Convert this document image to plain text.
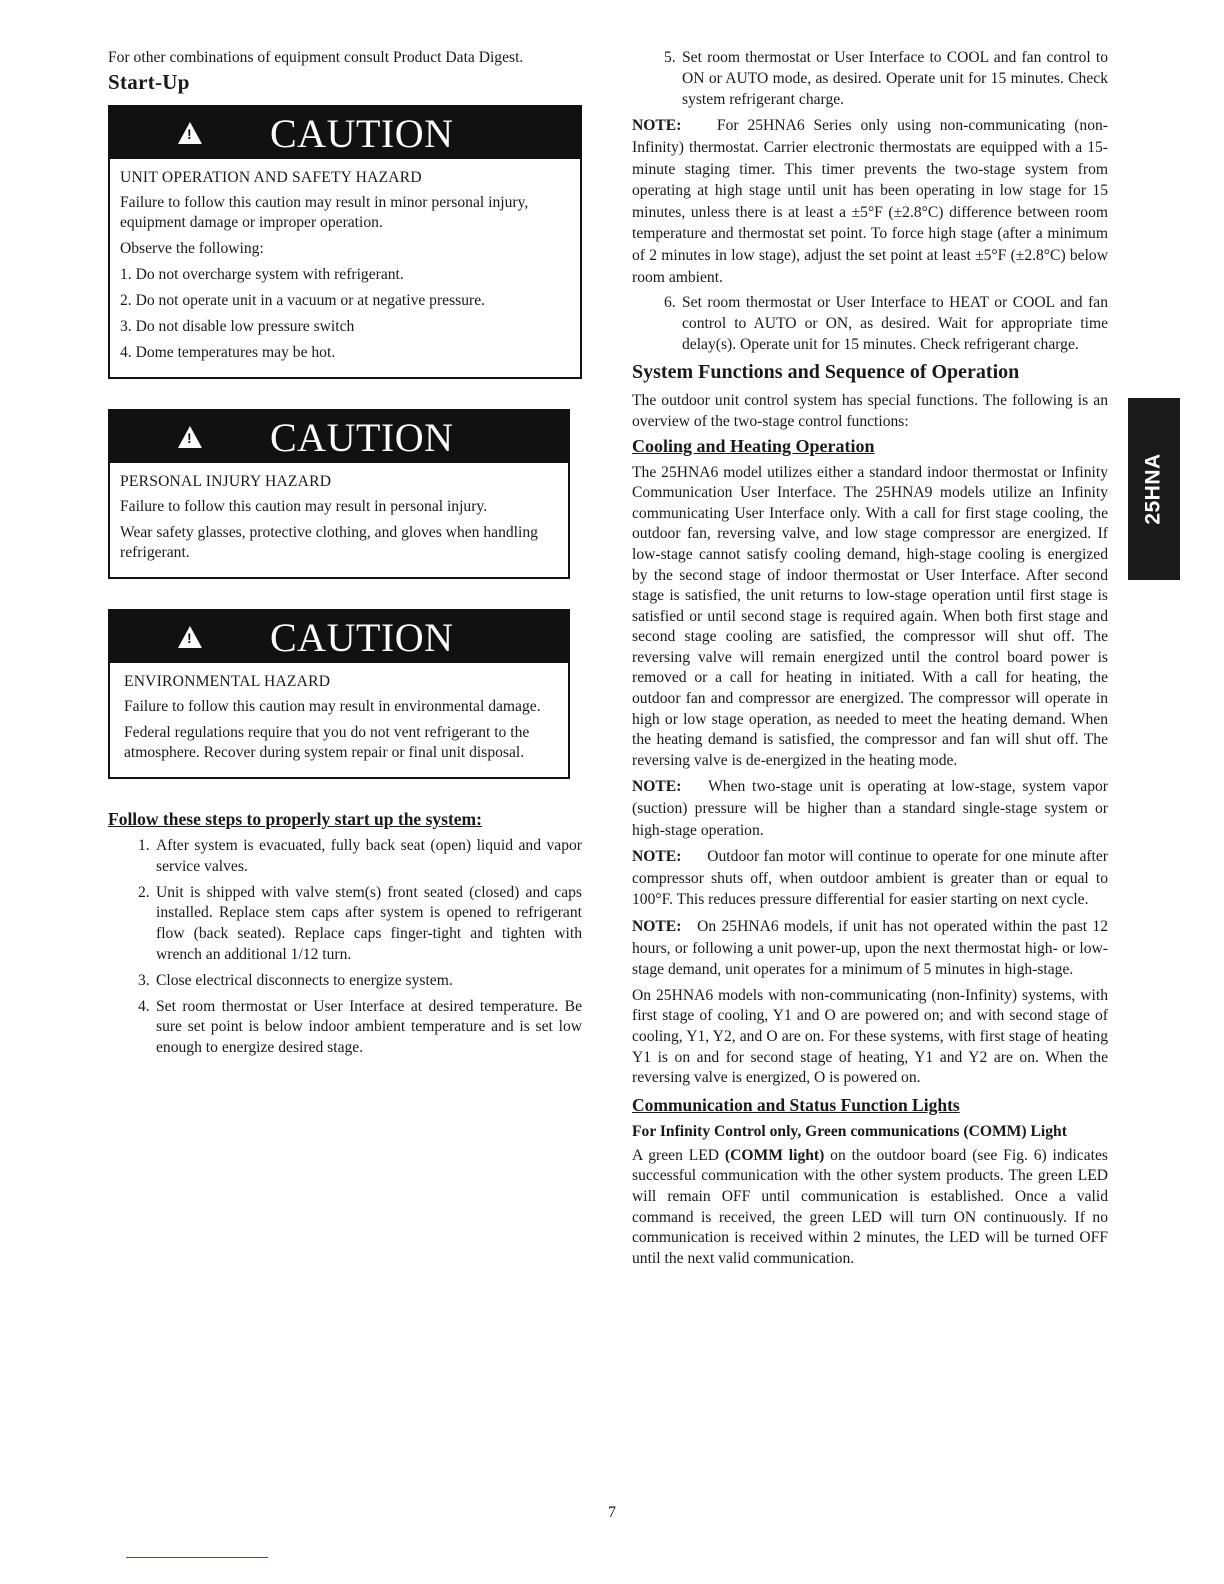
For other combinations of equipment consult Product Data Digest.

Start-Up
! CAUTION
UNIT OPERATION AND SAFETY HAZARD

Failure to follow this caution may result in minor personal injury, equipment damage or improper operation.

Observe the following:

1. Do not overcharge system with refrigerant.
2. Do not operate unit in a vacuum or at negative pressure.
3. Do not disable low pressure switch
4. Dome temperatures may be hot.
! CAUTION
PERSONAL INJURY HAZARD

Failure to follow this caution may result in personal injury.

Wear safety glasses, protective clothing, and gloves when handling refrigerant.

! CAUTION
ENVIRONMENTAL HAZARD

Failure to follow this caution may result in environmental damage.

Federal regulations require that you do not vent refrigerant to the atmosphere. Recover during system repair or final unit disposal.

Follow these steps to properly start up the system:
1. After system is evacuated, fully back seat (open) liquid and vapor service valves.
2. Unit is shipped with valve stem(s) front seated (closed) and caps installed. Replace stem caps after system is opened to refrigerant flow (back seated). Replace caps finger-tight and tighten with wrench an additional 1/12 turn.
3. Close electrical disconnects to energize system.
4. Set room thermostat or User Interface at desired temperature. Be sure set point is below indoor ambient temperature and is set low enough to energize desired stage.
5. Set room thermostat or User Interface to COOL and fan control to ON or AUTO mode, as desired. Operate unit for 15 minutes. Check system refrigerant charge.

NOTE: For 25HNA6 Series only using non-communicating (non-Infinity) thermostat. Carrier electronic thermostats are equipped with a 15-minute staging timer. This timer prevents the two-stage system from operating at high stage until unit has been operating in low stage for 15 minutes, unless there is at least a ±5°F (±2.8°C) difference between room temperature and thermostat set point. To force high stage (after a minimum of 2 minutes in low stage), adjust the set point at least ±5°F (±2.8°C) below room ambient.

6. Set room thermostat or User Interface to HEAT or COOL and fan control to AUTO or ON, as desired. Wait for appropriate time delay(s). Operate unit for 15 minutes. Check refrigerant charge.
System Functions and Sequence of Operation

The outdoor unit control system has special functions. The following is an overview of the two-stage control functions:

Cooling and Heating Operation

The 25HNA6 model utilizes either a standard indoor thermostat or Infinity Communication User Interface. The 25HNA9 models utilize an Infinity communicating User Interface only. With a call for first stage cooling, the outdoor fan, reversing valve, and low stage compressor are energized. If low-stage cannot satisfy cooling demand, high-stage cooling is energized by the second stage of indoor thermostat or User Interface. After second stage is satisfied, the unit returns to low-stage operation until first stage is satisfied or until second stage is required again. When both first stage and second stage cooling are satisfied, the compressor will shut off. The reversing valve will remain energized until the control board power is removed or a call for heating in initiated. With a call for heating, the outdoor fan and compressor are energized. The compressor will operate in high or low stage operation, as needed to meet the heating demand. When the heating demand is satisfied, the compressor and fan will shut off. The reversing valve is de-energized in the heating mode.

NOTE: When two-stage unit is operating at low-stage, system vapor (suction) pressure will be higher than a standard single-stage system or high-stage operation.

NOTE: Outdoor fan motor will continue to operate for one minute after compressor shuts off, when outdoor ambient is greater than or equal to 100°F. This reduces pressure differential for easier starting on next cycle.

NOTE: On 25HNA6 models, if unit has not operated within the past 12 hours, or following a unit power-up, upon the next thermostat high- or low-stage demand, unit operates for a minimum of 5 minutes in high-stage.

On 25HNA6 models with non-communicating (non-Infinity) systems, with first stage of cooling, Y1 and O are powered on; and with second stage of cooling, Y1, Y2, and O are on. For these systems, with first stage of heating Y1 is on and for second stage of heating, Y1 and Y2 are on. When the reversing valve is energized, O is powered on.

Communication and Status Function Lights
For Infinity Control only, Green communications (COMM) Light

A green LED (COMM light) on the outdoor board (see Fig. 6) indicates successful communication with the other system products. The green LED will remain OFF until communication is established. Once a valid command is received, the green LED will turn ON continuously. If no communication is received within 2 minutes, the LED will be turned OFF until the next valid communication.

25HNA
7
